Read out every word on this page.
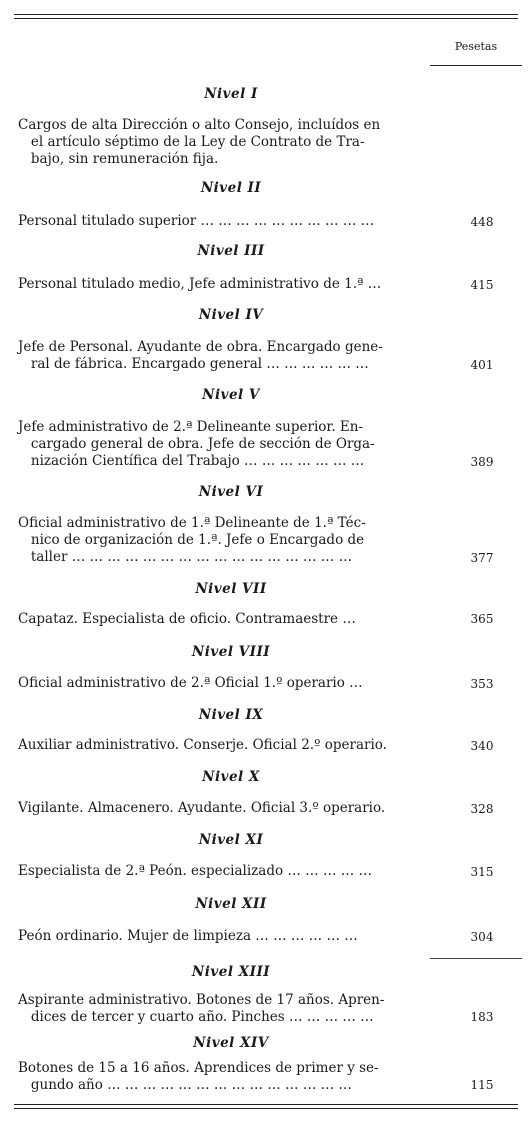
Pesetas
Nivel I
Cargos de alta Dirección o alto Consejo, incluídos en
el artículo séptimo de la Ley de Contrato de Tra-
bajo, sin remuneración fija.
Nivel II
Personal titulado superior … … … … … … … … … …	448
Nivel III
Personal titulado medio, Jefe administrativo de 1.ª …	415
Nivel IV
Jefe de Personal. Ayudante de obra. Encargado gene-
ral de fábrica. Encargado general … … … … … …	401
Nivel V
Jefe administrativo de 2.ª Delineante superior. En-
cargado general de obra. Jefe de sección de Orga-
nización Científica del Trabajo … … … … … … …	389
Nivel VI
Oficial administrativo de 1.ª Delineante de 1.ª Téc-
nico de organización de 1.ª. Jefe o Encargado de
taller … … … … … … … … … … … … … … … …	377
Nivel VII
Capataz. Especialista de oficio. Contramaestre …	365
Nivel VIII
Oficial administrativo de 2.ª Oficial 1.º operario …	353
Nivel IX
Auxiliar administrativo. Conserje. Oficial 2.º operario.	340
Nivel X
Vigilante. Almacenero. Ayudante. Oficial 3.º operario.	328
Nivel XI
Especialista de 2.ª Peón. especializado … … … … …	315
Nivel XII
Peón ordinario. Mujer de limpieza … … … … … …	304
Nivel XIII
Aspirante administrativo. Botones de 17 años. Apren-
dices de tercer y cuarto año. Pinches … … … … …	183
Nivel XIV
Botones de 15 a 16 años. Aprendices de primer y se-
gundo año … … … … … … … … … … … … … …	115
